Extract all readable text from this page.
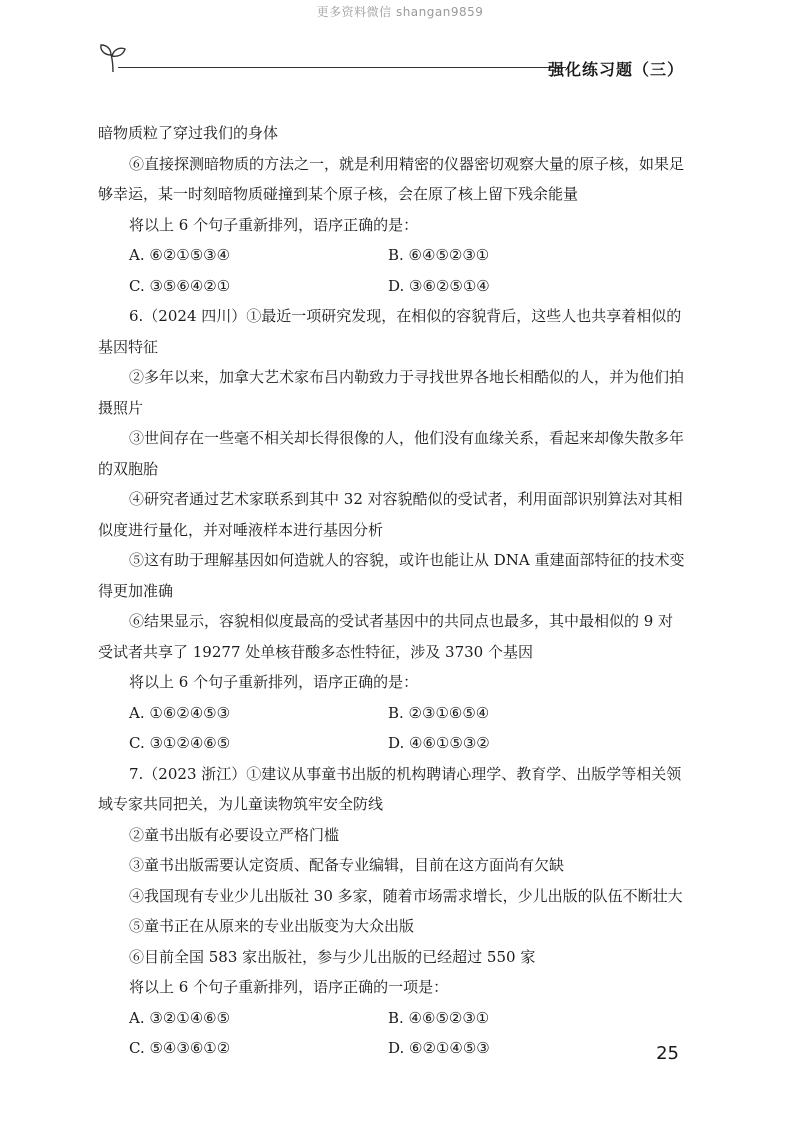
更多资料微信 shangan9859
强化练习题（三）

暗物质粒了穿过我们的身体

⑥直接探测暗物质的方法之一，就是利用精密的仪器密切观察大量的原子核，如果足够幸运，某一时刻暗物质碰撞到某个原子核，会在原了核上留下残余能量

将以上 6 个句子重新排列，语序正确的是：

A. ⑥②①⑤③④	B. ⑥④⑤②③①
C. ③⑤⑥④②①	D. ③⑥②⑤①④

6.（2024 四川）①最近一项研究发现，在相似的容貌背后，这些人也共享着相似的基因特征

②多年以来，加拿大艺术家布吕内勒致力于寻找世界各地长相酷似的人，并为他们拍摄照片

③世间存在一些毫不相关却长得很像的人，他们没有血缘关系，看起来却像失散多年的双胞胎

④研究者通过艺术家联系到其中 32 对容貌酷似的受试者，利用面部识别算法对其相似度进行量化，并对唾液样本进行基因分析

⑤这有助于理解基因如何造就人的容貌，或许也能让从 DNA 重建面部特征的技术变得更加准确

⑥结果显示，容貌相似度最高的受试者基因中的共同点也最多，其中最相似的 9 对受试者共享了 19277 处单核苷酸多态性特征，涉及 3730 个基因

将以上 6 个句子重新排列，语序正确的是：

A. ①⑥②④⑤③	B. ②③①⑥⑤④
C. ③①②④⑥⑤	D. ④⑥①⑤③②

7.（2023 浙江）①建议从事童书出版的机构聘请心理学、教育学、出版学等相关领域专家共同把关，为儿童读物筑牢安全防线

②童书出版有必要设立严格门槛

③童书出版需要认定资质、配备专业编辑，目前在这方面尚有欠缺

④我国现有专业少儿出版社 30 多家，随着市场需求增长，少儿出版的队伍不断壮大

⑤童书正在从原来的专业出版变为大众出版

⑥目前全国 583 家出版社，参与少儿出版的已经超过 550 家

将以上 6 个句子重新排列，语序正确的一项是：

A. ③②①④⑥⑤	B. ④⑥⑤②③①
C. ⑤④③⑥①②	D. ⑥②①④⑤③	25
